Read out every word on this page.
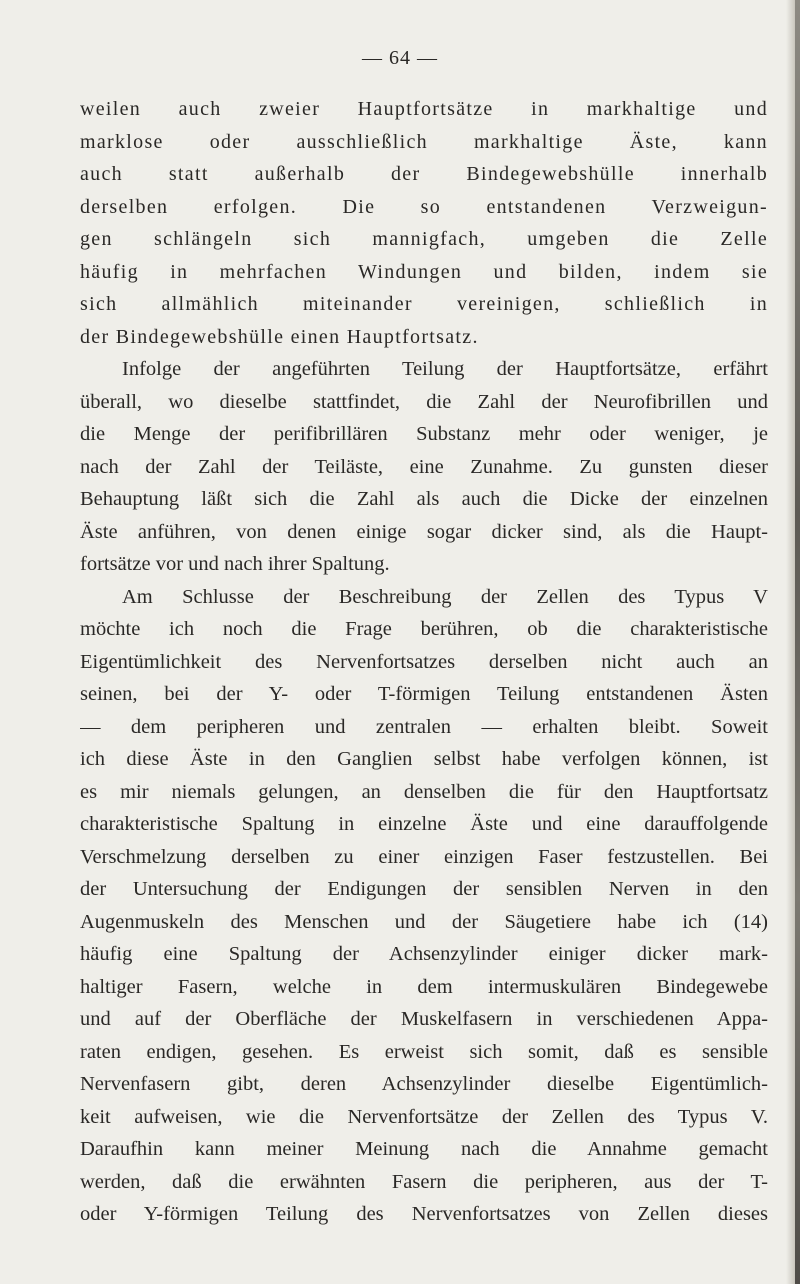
— 64 —
weilen auch zweier Hauptfortsätze in markhaltige und
marklose oder ausschließlich markhaltige Äste, kann
auch statt außerhalb der Bindegewebshülle innerhalb
derselben erfolgen. Die so entstandenen Verzweigun-
gen schlängeln sich mannigfach, umgeben die Zelle
häufig in mehrfachen Windungen und bilden, indem sie
sich allmählich miteinander vereinigen, schließlich in
der Bindegewebshülle einen Hauptfortsatz.
Infolge der angeführten Teilung der Hauptfortsätze, erfährt
überall, wo dieselbe stattfindet, die Zahl der Neurofibrillen und
die Menge der perifibrillären Substanz mehr oder weniger, je
nach der Zahl der Teiläste, eine Zunahme. Zu gunsten dieser
Behauptung läßt sich die Zahl als auch die Dicke der einzelnen
Äste anführen, von denen einige sogar dicker sind, als die Haupt-
fortsätze vor und nach ihrer Spaltung.
Am Schlusse der Beschreibung der Zellen des Typus V
möchte ich noch die Frage berühren, ob die charakteristische
Eigentümlichkeit des Nervenfortsatzes derselben nicht auch an
seinen, bei der Y- oder T-förmigen Teilung entstandenen Ästen
— dem peripheren und zentralen — erhalten bleibt. Soweit
ich diese Äste in den Ganglien selbst habe verfolgen können, ist
es mir niemals gelungen, an denselben die für den Hauptfortsatz
charakteristische Spaltung in einzelne Äste und eine darauffolgende
Verschmelzung derselben zu einer einzigen Faser festzustellen. Bei
der Untersuchung der Endigungen der sensiblen Nerven in den
Augenmuskeln des Menschen und der Säugetiere habe ich (14)
häufig eine Spaltung der Achsenzylinder einiger dicker mark-
haltiger Fasern, welche in dem intermuskulären Bindegewebe
und auf der Oberfläche der Muskelfasern in verschiedenen Appa-
raten endigen, gesehen. Es erweist sich somit, daß es sensible
Nervenfasern gibt, deren Achsenzylinder dieselbe Eigentümlich-
keit aufweisen, wie die Nervenfortsätze der Zellen des Typus V.
Daraufhin kann meiner Meinung nach die Annahme gemacht
werden, daß die erwähnten Fasern die peripheren, aus der T-
oder Y-förmigen Teilung des Nervenfortsatzes von Zellen dieses
